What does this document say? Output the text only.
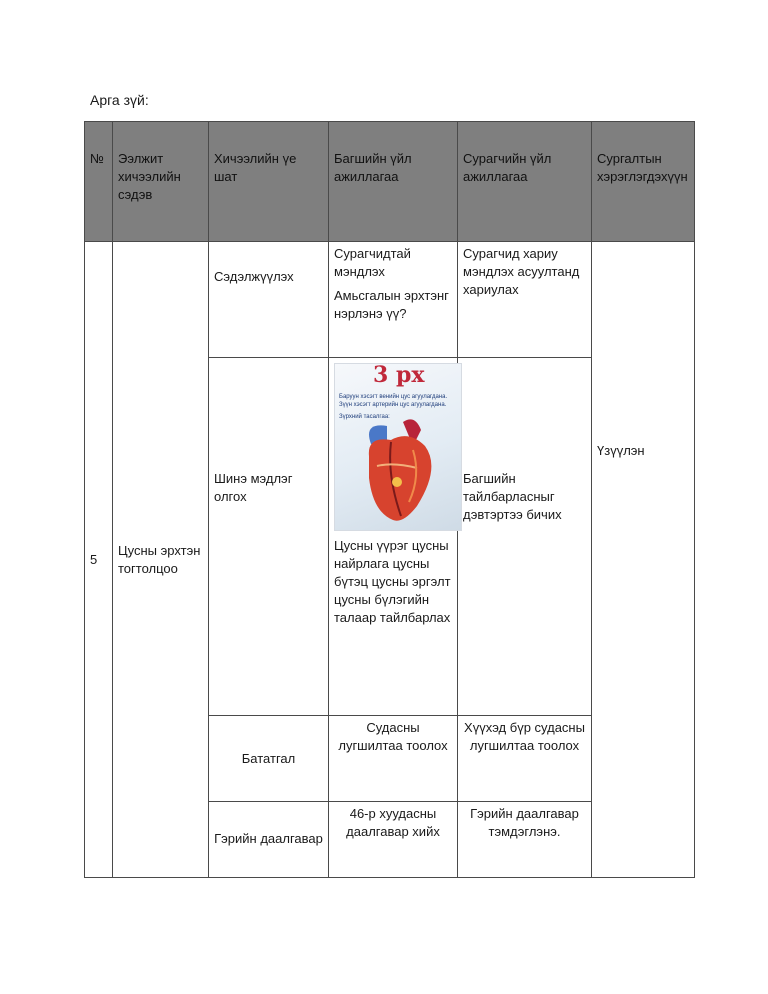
Арга зүй:
№	Ээлжит хичээлийн сэдэв	Хичээлийн үе шат	Багшийн үйл ажиллагаа	Сурагчийн үйл ажиллагаа	Сургалтын хэрэглэгдэхүүн
5	Цусны эрхтэн тогтолцоо	Сэдэлжүүлэх	Сурагчидтай мэндлэх
Амьсгалын эрхтэнг нэрлэнэ үү?	Сурагчид хариу мэндлэх асуултанд хариулах	Үзүүлэн
		Шинэ мэдлэг олгох	3 рх
Баруун хэсэгт венийн цус агуулагдана.
Зүүн хэсэгт артерийн цус агуулагдана.
Зүрхний тасалгаа:
Цусны үүрэг цусны найрлага цусны бүтэц цусны эргэлт цусны бүлэгийн талаар тайлбарлах	Багшийн тайлбарласныг дэвтэртээ бичих	
		Бататгал	Судасны лугшилтаа тоолох	Хүүхэд бүр судасны лугшилтаа тоолох	
		Гэрийн даалгавар	46-р хуудасны даалгавар хийх	Гэрийн даалгавар тэмдэглэнэ.	
